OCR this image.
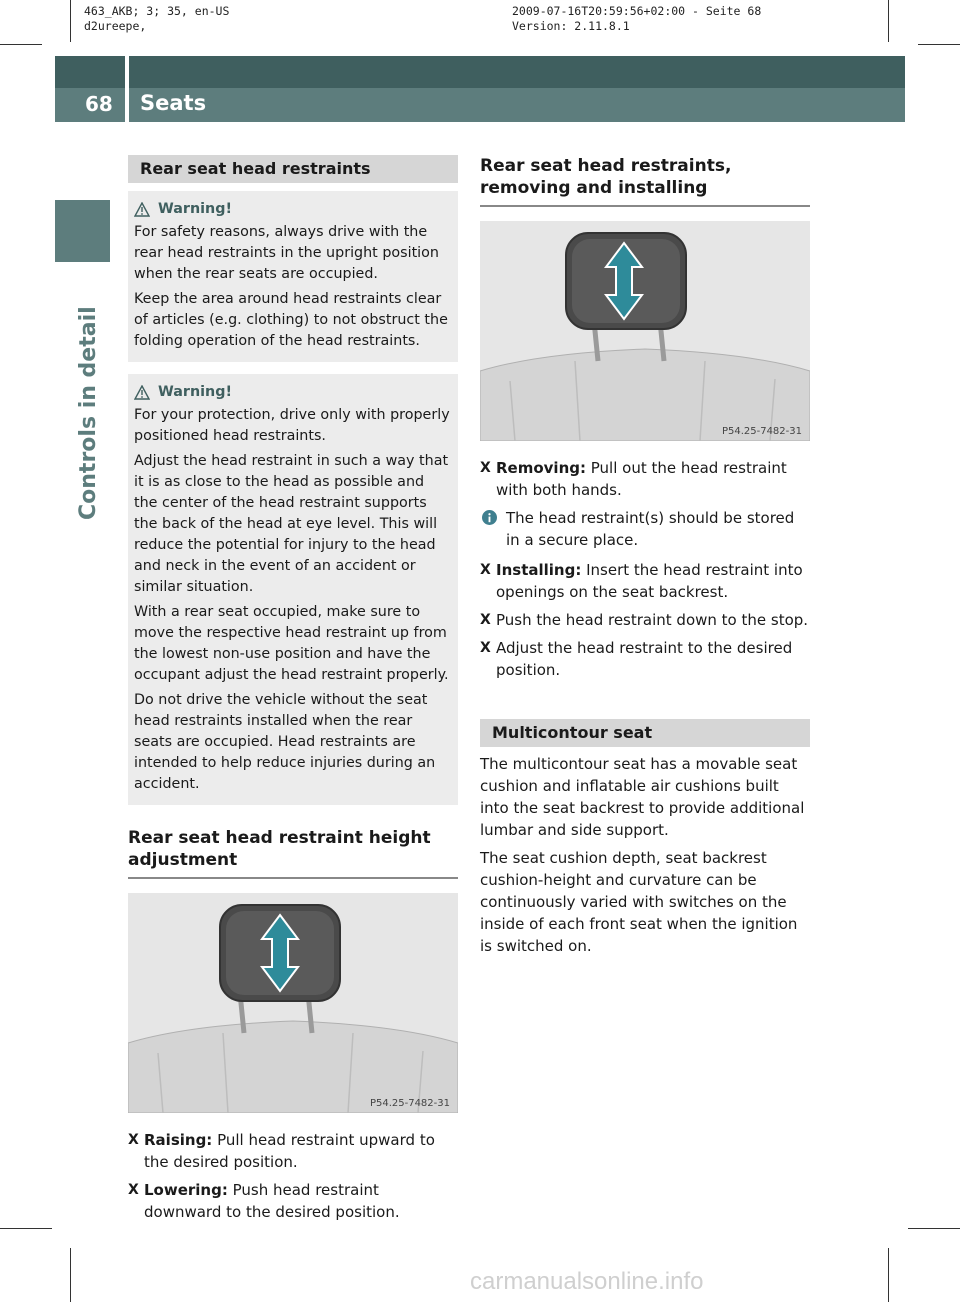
463_AKB; 3; 35, en-US
d2ureepe,
2009-07-16T20:59:56+02:00 - Seite 68
Version: 2.11.8.1
68 Seats
Controls in detail
Rear seat head restraints
Warning!

For safety reasons, always drive with the rear head restraints in the upright position when the rear seats are occupied.

Keep the area around head restraints clear of articles (e.g. clothing) to not obstruct the folding operation of the head restraints.

Warning!

For your protection, drive only with properly positioned head restraints.

Adjust the head restraint in such a way that it is as close to the head as possible and the center of the head restraint supports the back of the head at eye level. This will reduce the potential for injury to the head and neck in the event of an accident or similar situation.

With a rear seat occupied, make sure to move the respective head restraint up from the lowest non-use position and have the occupant adjust the head restraint properly.

Do not drive the vehicle without the seat head restraints installed when the rear seats are occupied. Head restraints are intended to help reduce injuries during an accident.

Rear seat head restraint height adjustment
P54.25-7482-31
X Raising: Pull head restraint upward to the desired position.
X Lowering: Push head restraint downward to the desired position.
Rear seat head restraints, removing and installing
P54.25-7482-31
X Removing: Pull out the head restraint with both hands.
The head restraint(s) should be stored in a secure place.
X Installing: Insert the head restraint into openings on the seat backrest.
X Push the head restraint down to the stop.
X Adjust the head restraint to the desired position.
Multicontour seat

The multicontour seat has a movable seat cushion and inflatable air cushions built into the seat backrest to provide additional lumbar and side support.

The seat cushion depth, seat backrest cushion-height and curvature can be continuously varied with switches on the inside of each front seat when the ignition is switched on.

carmanualsonline.info
